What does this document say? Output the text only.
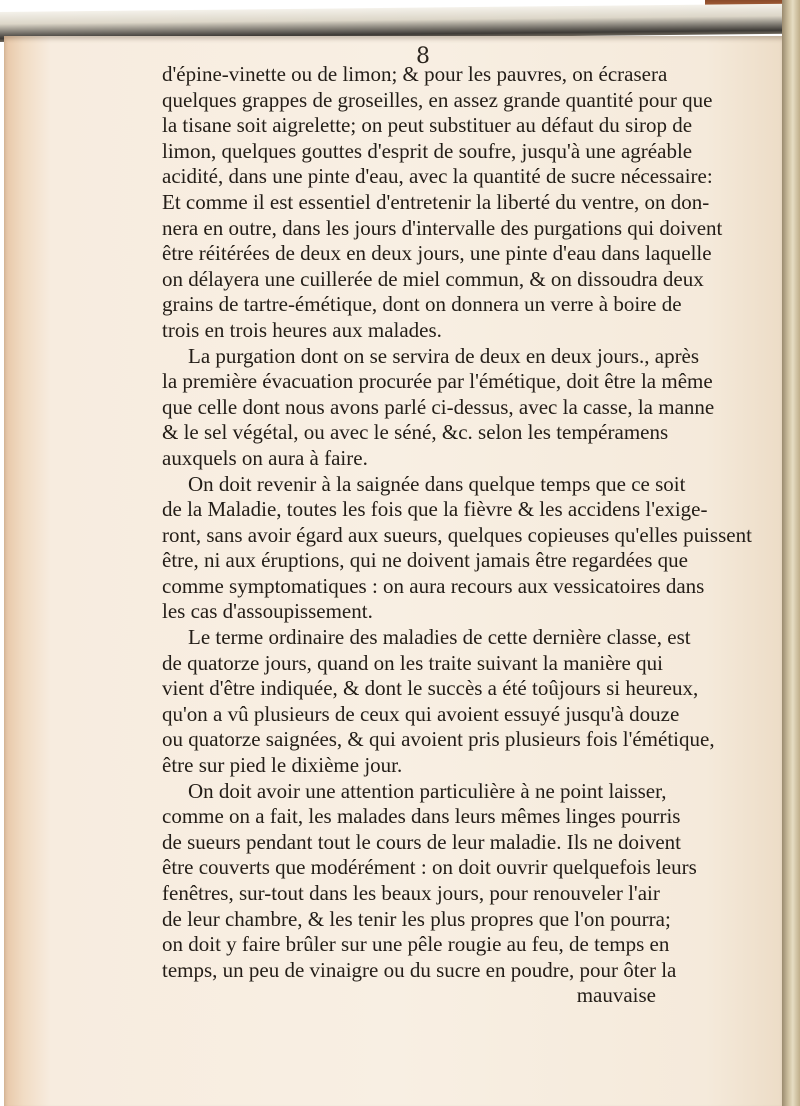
8
d'épine-vinette ou de limon; & pour les pauvres, on écrasera
quelques grappes de groseilles, en assez grande quantité pour que
la tisane soit aigrelette; on peut substituer au défaut du sirop de
limon, quelques gouttes d'esprit de soufre, jusqu'à une agréable
acidité, dans une pinte d'eau, avec la quantité de sucre nécessaire:
Et comme il est essentiel d'entretenir la liberté du ventre, on don-
nera en outre, dans les jours d'intervalle des purgations qui doivent
être réitérées de deux en deux jours, une pinte d'eau dans laquelle
on délayera une cuillerée de miel commun, & on dissoudra deux
grains de tartre-émétique, dont on donnera un verre à boire de
trois en trois heures aux malades.
La purgation dont on se servira de deux en deux jours., après
la première évacuation procurée par l'émétique, doit être la même
que celle dont nous avons parlé ci-dessus, avec la casse, la manne
& le sel végétal, ou avec le séné, &c. selon les tempéramens
auxquels on aura à faire.
On doit revenir à la saignée dans quelque temps que ce soit
de la Maladie, toutes les fois que la fièvre & les accidens l'exige-
ront, sans avoir égard aux sueurs, quelques copieuses qu'elles puissent
être, ni aux éruptions, qui ne doivent jamais être regardées que
comme symptomatiques : on aura recours aux vessicatoires dans
les cas d'assoupissement.
Le terme ordinaire des maladies de cette dernière classe, est
de quatorze jours, quand on les traite suivant la manière qui
vient d'être indiquée, & dont le succès a été toûjours si heureux,
qu'on a vû plusieurs de ceux qui avoient essuyé jusqu'à douze
ou quatorze saignées, & qui avoient pris plusieurs fois l'émétique,
être sur pied le dixième jour.
On doit avoir une attention particulière à ne point laisser,
comme on a fait, les malades dans leurs mêmes linges pourris
de sueurs pendant tout le cours de leur maladie. Ils ne doivent
être couverts que modérément : on doit ouvrir quelquefois leurs
fenêtres, sur-tout dans les beaux jours, pour renouveler l'air
de leur chambre, & les tenir les plus propres que l'on pourra;
on doit y faire brûler sur une pêle rougie au feu, de temps en
temps, un peu de vinaigre ou du sucre en poudre, pour ôter la
mauvaise
